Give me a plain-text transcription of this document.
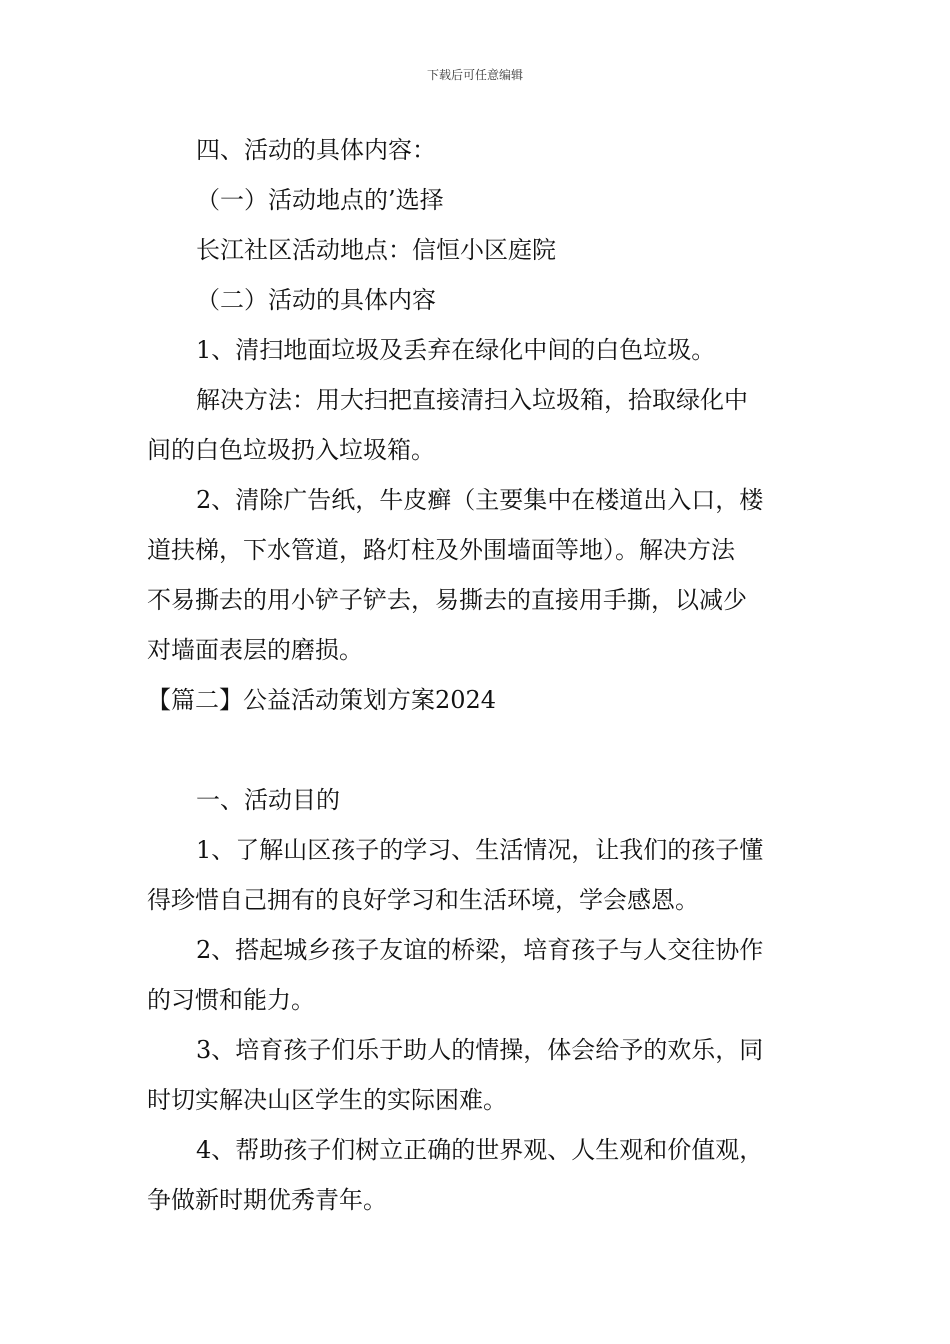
下载后可任意编辑
四、活动的具体内容：
（一）活动地点的’选择
长江社区活动地点：信恒小区庭院
（二）活动的具体内容
1、清扫地面垃圾及丢弃在绿化中间的白色垃圾。
解决方法：用大扫把直接清扫入垃圾箱，拾取绿化中
间的白色垃圾扔入垃圾箱。
2、清除广告纸，牛皮癣（主要集中在楼道出入口，楼
道扶梯，下水管道，路灯柱及外围墙面等地）。解决方法
不易撕去的用小铲子铲去，易撕去的直接用手撕，以减少
对墙面表层的磨损。
【篇二】公益活动策划方案2024
一、活动目的
1、了解山区孩子的学习、生活情况，让我们的孩子懂
得珍惜自己拥有的良好学习和生活环境，学会感恩。
2、搭起城乡孩子友谊的桥梁，培育孩子与人交往协作
的习惯和能力。
3、培育孩子们乐于助人的情操，体会给予的欢乐，同
时切实解决山区学生的实际困难。
4、帮助孩子们树立正确的世界观、人生观和价值观，
争做新时期优秀青年。
